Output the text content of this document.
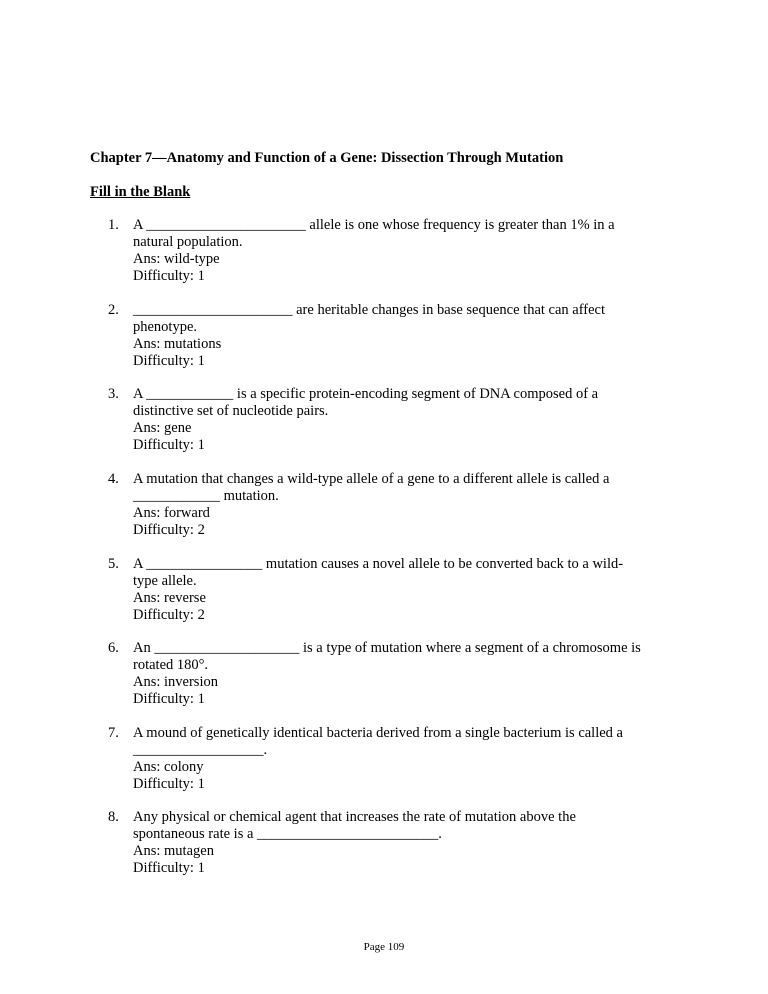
Chapter 7—Anatomy and Function of a Gene: Dissection Through Mutation
Fill in the Blank
1. A ______________________ allele is one whose frequency is greater than 1% in a
natural population.
Ans: wild-type
Difficulty: 1
2. ______________________ are heritable changes in base sequence that can affect
phenotype.
Ans: mutations
Difficulty: 1
3. A ____________ is a specific protein-encoding segment of DNA composed of a
distinctive set of nucleotide pairs.
Ans: gene
Difficulty: 1
4. A mutation that changes a wild-type allele of a gene to a different allele is called a
____________ mutation.
Ans: forward
Difficulty: 2
5. A ________________ mutation causes a novel allele to be converted back to a wild-
type allele.
Ans: reverse
Difficulty: 2
6. An ____________________ is a type of mutation where a segment of a chromosome is
rotated 180°.
Ans: inversion
Difficulty: 1
7. A mound of genetically identical bacteria derived from a single bacterium is called a
__________________.
Ans: colony
Difficulty: 1
8. Any physical or chemical agent that increases the rate of mutation above the
spontaneous rate is a _________________________.
Ans: mutagen
Difficulty: 1
Page 109
